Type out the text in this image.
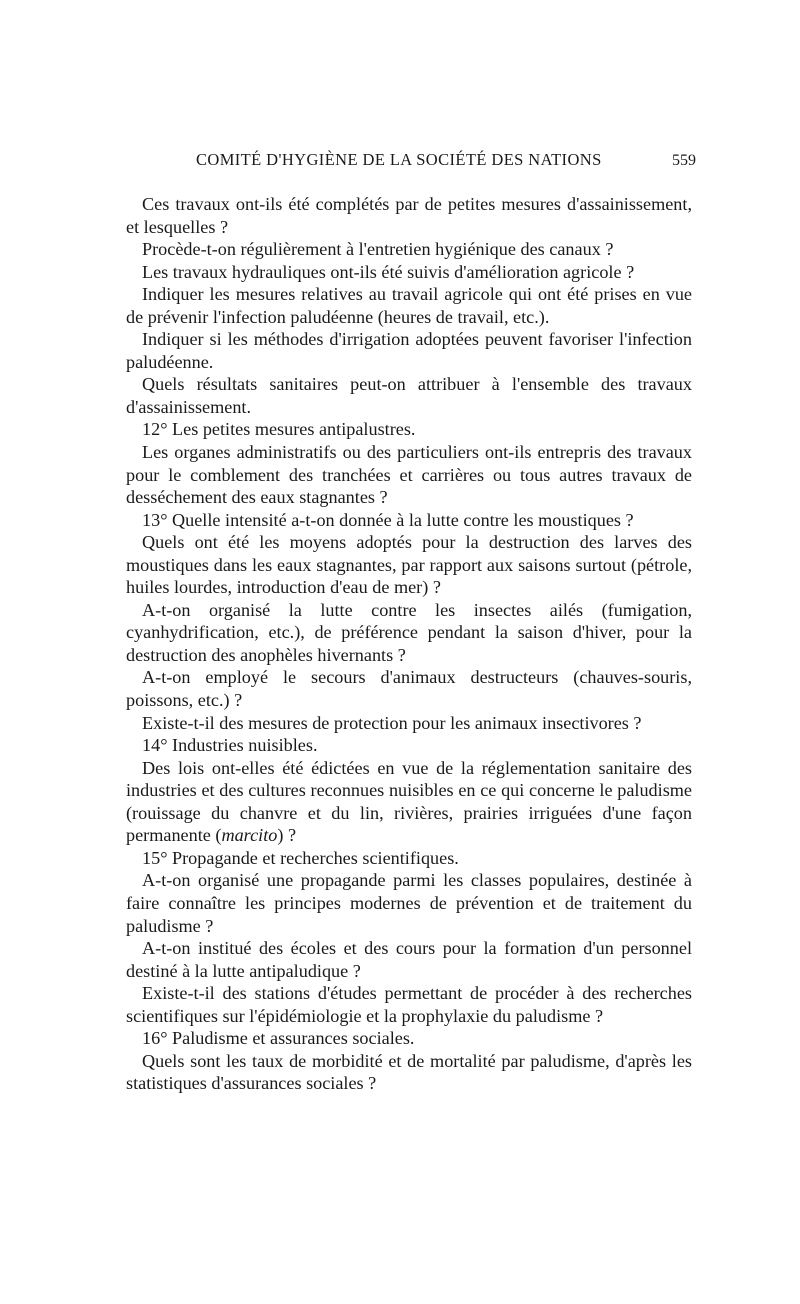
COMITÉ D'HYGIÈNE DE LA SOCIÉTÉ DES NATIONS	559

Ces travaux ont-ils été complétés par de petites mesures d'assainissement, et lesquelles ?

Procède-t-on régulièrement à l'entretien hygiénique des canaux ?

Les travaux hydrauliques ont-ils été suivis d'amélioration agricole ?

Indiquer les mesures relatives au travail agricole qui ont été prises en vue de prévenir l'infection paludéenne (heures de travail, etc.).

Indiquer si les méthodes d'irrigation adoptées peuvent favoriser l'infection paludéenne.

Quels résultats sanitaires peut-on attribuer à l'ensemble des travaux d'assainissement.

12° Les petites mesures antipalustres.

Les organes administratifs ou des particuliers ont-ils entrepris des travaux pour le comblement des tranchées et carrières ou tous autres travaux de desséchement des eaux stagnantes ?

13° Quelle intensité a-t-on donnée à la lutte contre les moustiques ?

Quels ont été les moyens adoptés pour la destruction des larves des moustiques dans les eaux stagnantes, par rapport aux saisons surtout (pétrole, huiles lourdes, introduction d'eau de mer) ?

A-t-on organisé la lutte contre les insectes ailés (fumigation, cyanhydrification, etc.), de préférence pendant la saison d'hiver, pour la destruction des anophèles hivernants ?

A-t-on employé le secours d'animaux destructeurs (chauves-souris, poissons, etc.) ?

Existe-t-il des mesures de protection pour les animaux insectivores ?

14° Industries nuisibles.

Des lois ont-elles été édictées en vue de la réglementation sanitaire des industries et des cultures reconnues nuisibles en ce qui concerne le paludisme (rouissage du chanvre et du lin, rivières, prairies irriguées d'une façon permanente (marcito) ?

15° Propagande et recherches scientifiques.

A-t-on organisé une propagande parmi les classes populaires, destinée à faire connaître les principes modernes de prévention et de traitement du paludisme ?

A-t-on institué des écoles et des cours pour la formation d'un personnel destiné à la lutte antipaludique ?

Existe-t-il des stations d'études permettant de procéder à des recherches scientifiques sur l'épidémiologie et la prophylaxie du paludisme ?

16° Paludisme et assurances sociales.

Quels sont les taux de morbidité et de mortalité par paludisme, d'après les statistiques d'assurances sociales ?
